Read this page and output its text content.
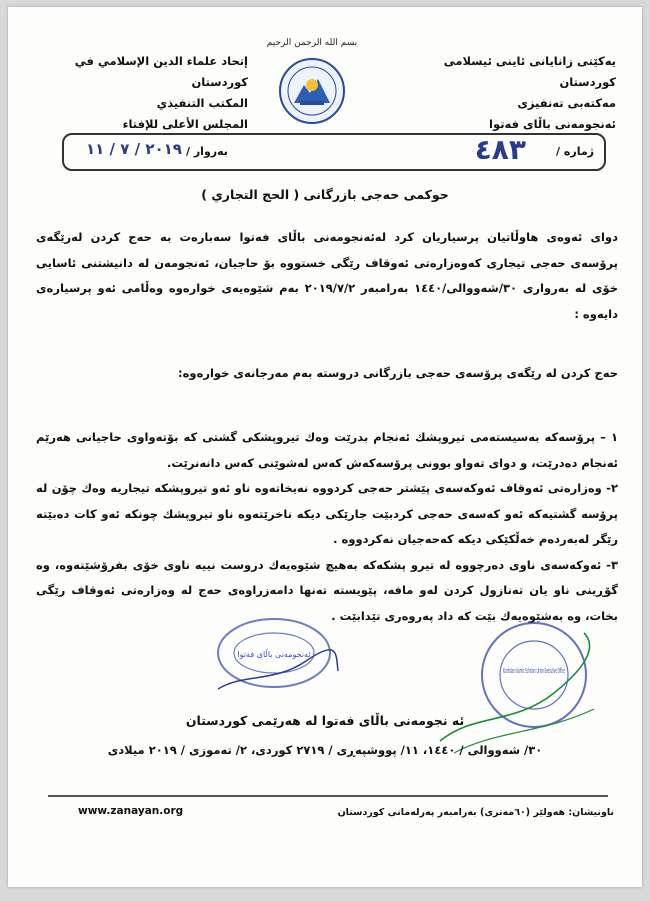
یەکێتی زانایانی ئاینی ئیسلامی کوردستان
مەکتەبی تەنفیزی
ئەنجومەنی باڵای فەتوا
إتحاد علماء الدين الإسلامي في كوردستان
المكتب التنفيذي
المجلس الأعلى للإفتاء
بسم الله الرحمن الرحيم
ژمارە /
٤٨٣
بەروار /
٢٠١٩ / ٧ / ١١
حوكمی حەجی بازرگانی ( الحج التجاري )
دوای ئەوەی هاوڵاتیان پرسیاریان كرد لەئەنجومەنی باڵای فەتوا سەبارەت بە حەج كردن لەرێگەی پرۆسەی حەجی تیجاری كەوەزارەتی ئەوقاف رێگی خستووە بۆ حاجیان، ئەنجومەن لە دانیشتنی ئاسایی خۆی لە بەرواری ٣٠/شەووالی/١٤٤٠ بەرامبەر ٢٠١٩/٧/٢ بەم شێوەیەی خوارەوە وەڵامی ئەو پرسیارەی دایەوە :
حەج كردن لە رێگەی پرۆسەی حەجی بازرگانی دروستە بەم مەرجانەی خوارەوە:
١ – پرۆسەكە بەسیستەمی تیروپشك ئەنجام بدرێت وەك تیروپشكی گشتی كە بۆتەواوی حاجیانی هەرێم ئەنجام دەدرێت، و دوای تەواو بوونی پرۆسەكەش كەس لەشوێنی كەس دانەنرێت.
٢- وەزارەتی ئەوقاف ئەوكەسەی پێشتر حەجی كردووە نەیخاتەوە ناو ئەو تیروپشكە تیجاریە وەك چۆن لە پرۆسە گشتیەكە ئەو كەسەی حەجی كردبێت جارێكی دیكە ناخرێتەوە ناو تیروپشك چونكە ئەو كات دەبێتە رێگر لەبەردەم خەڵكێكی دیكە كەحەجیان نەكردووە .
٣- ئەوكەسەی ناوی دەرچووە لە تیرو پشكەكە بەهیچ شێوەیەك دروست نییە ناوی خۆی بفرۆشێتەوە، وە گۆڕینی ناو یان تەنازول كردن لەو مافە، پێویستە تەنها دامەزراوەی حەج لە وەزارەتی ئەوقاف رێگی بخات، وە بەشێوەیەك بێت كە داد پەروەری تێدابێت .
ئەنجومەنی باڵای فەتوا
Kurdistan Islamic Scholars Union Executive Office
ئە نجومەنی باڵای فەتوا لە هەرێمی كوردستان
٣٠/ شەووالی / ١٤٤٠، ١١/ پووشپەڕی / ٢٧١٩ كوردی، ٢/ تەموزی / ٢٠١٩ میلادی
www.zanayan.org	ناونیشان: هەولێر (٦٠مەتری) بەرامبەر پەرلەمانی كوردستان
